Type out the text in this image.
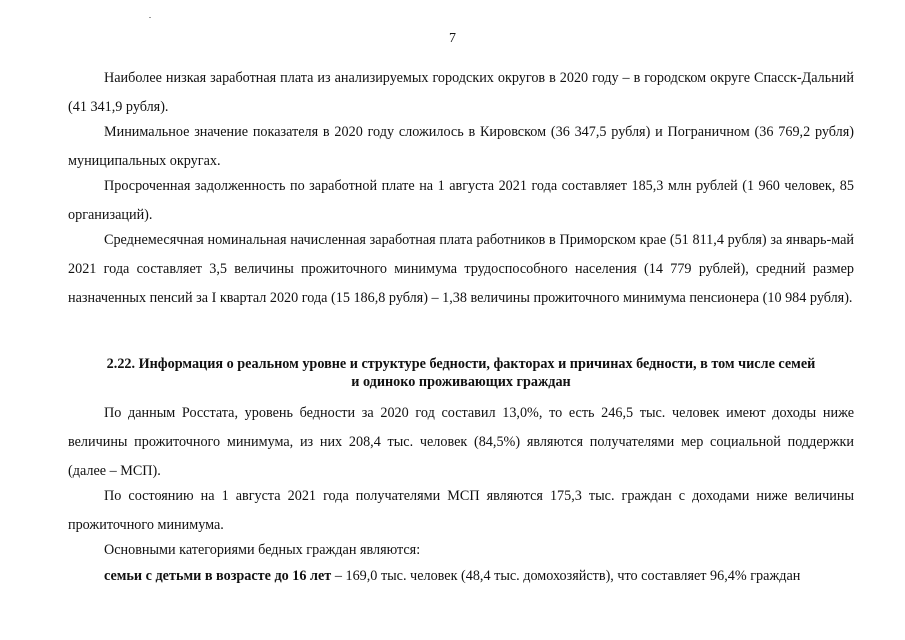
7

Наиболее низкая заработная плата из анализируемых городских округов в 2020 году – в городском округе Спасск-Дальний (41 341,9 рубля).

Минимальное значение показателя в 2020 году сложилось в Кировском (36 347,5 рубля) и Пограничном (36 769,2 рубля) муниципальных округах.

Просроченная задолженность по заработной плате на 1 августа 2021 года составляет 185,3 млн рублей (1 960 человек, 85 организаций).

Среднемесячная номинальная начисленная заработная плата работников в Приморском крае (51 811,4 рубля) за январь-май 2021 года составляет 3,5 величины прожиточного минимума трудоспособного населения (14 779 рублей), средний размер назначенных пенсий за I квартал 2020 года (15 186,8 рубля) – 1,38 величины прожиточного минимума пенсионера (10 984 рубля).

2.22. Информация о реальном уровне и структуре бедности, факторах и причинах бедности, в том числе семей
и одиноко проживающих граждан

По данным Росстата, уровень бедности за 2020 год составил 13,0%, то есть 246,5 тыс. человек имеют доходы ниже величины прожиточного минимума, из них 208,4 тыс. человек (84,5%) являются получателями мер социальной поддержки (далее – МСП).

По состоянию на 1 августа 2021 года получателями МСП являются 175,3 тыс. граждан с доходами ниже величины прожиточного минимума.

Основными категориями бедных граждан являются:

семьи с детьми в возрасте до 16 лет – 169,0 тыс. человек (48,4 тыс. домохозяйств), что составляет 96,4% граждан
